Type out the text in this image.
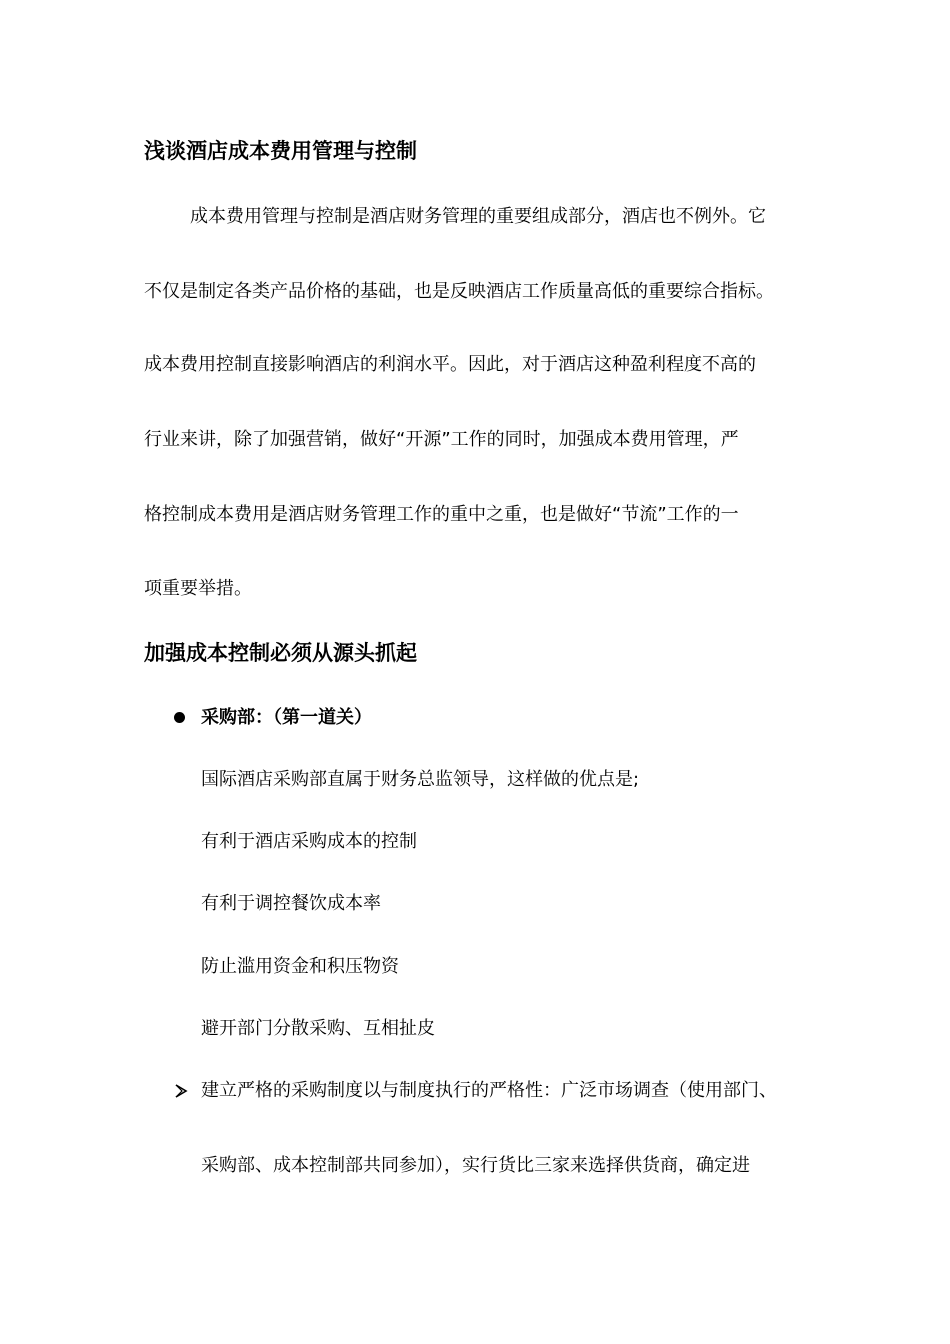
浅谈酒店成本费用管理与控制
成本费用管理与控制是酒店财务管理的重要组成部分，酒店也不例外。它
不仅是制定各类产品价格的基础，也是反映酒店工作质量高低的重要综合指标。
成本费用控制直接影响酒店的利润水平。因此，对于酒店这种盈利程度不高的
行业来讲，除了加强营销，做好“开源”工作的同时，加强成本费用管理，严
格控制成本费用是酒店财务管理工作的重中之重，也是做好“节流”工作的一
项重要举措。
加强成本控制必须从源头抓起
采购部：（第一道关）
国际酒店采购部直属于财务总监领导，这样做的优点是;
有利于酒店采购成本的控制
有利于调控餐饮成本率
防止滥用资金和积压物资
避开部门分散采购、互相扯皮
建立严格的采购制度以与制度执行的严格性：广泛市场调查（使用部门、
采购部、成本控制部共同参加），实行货比三家来选择供货商，确定进
